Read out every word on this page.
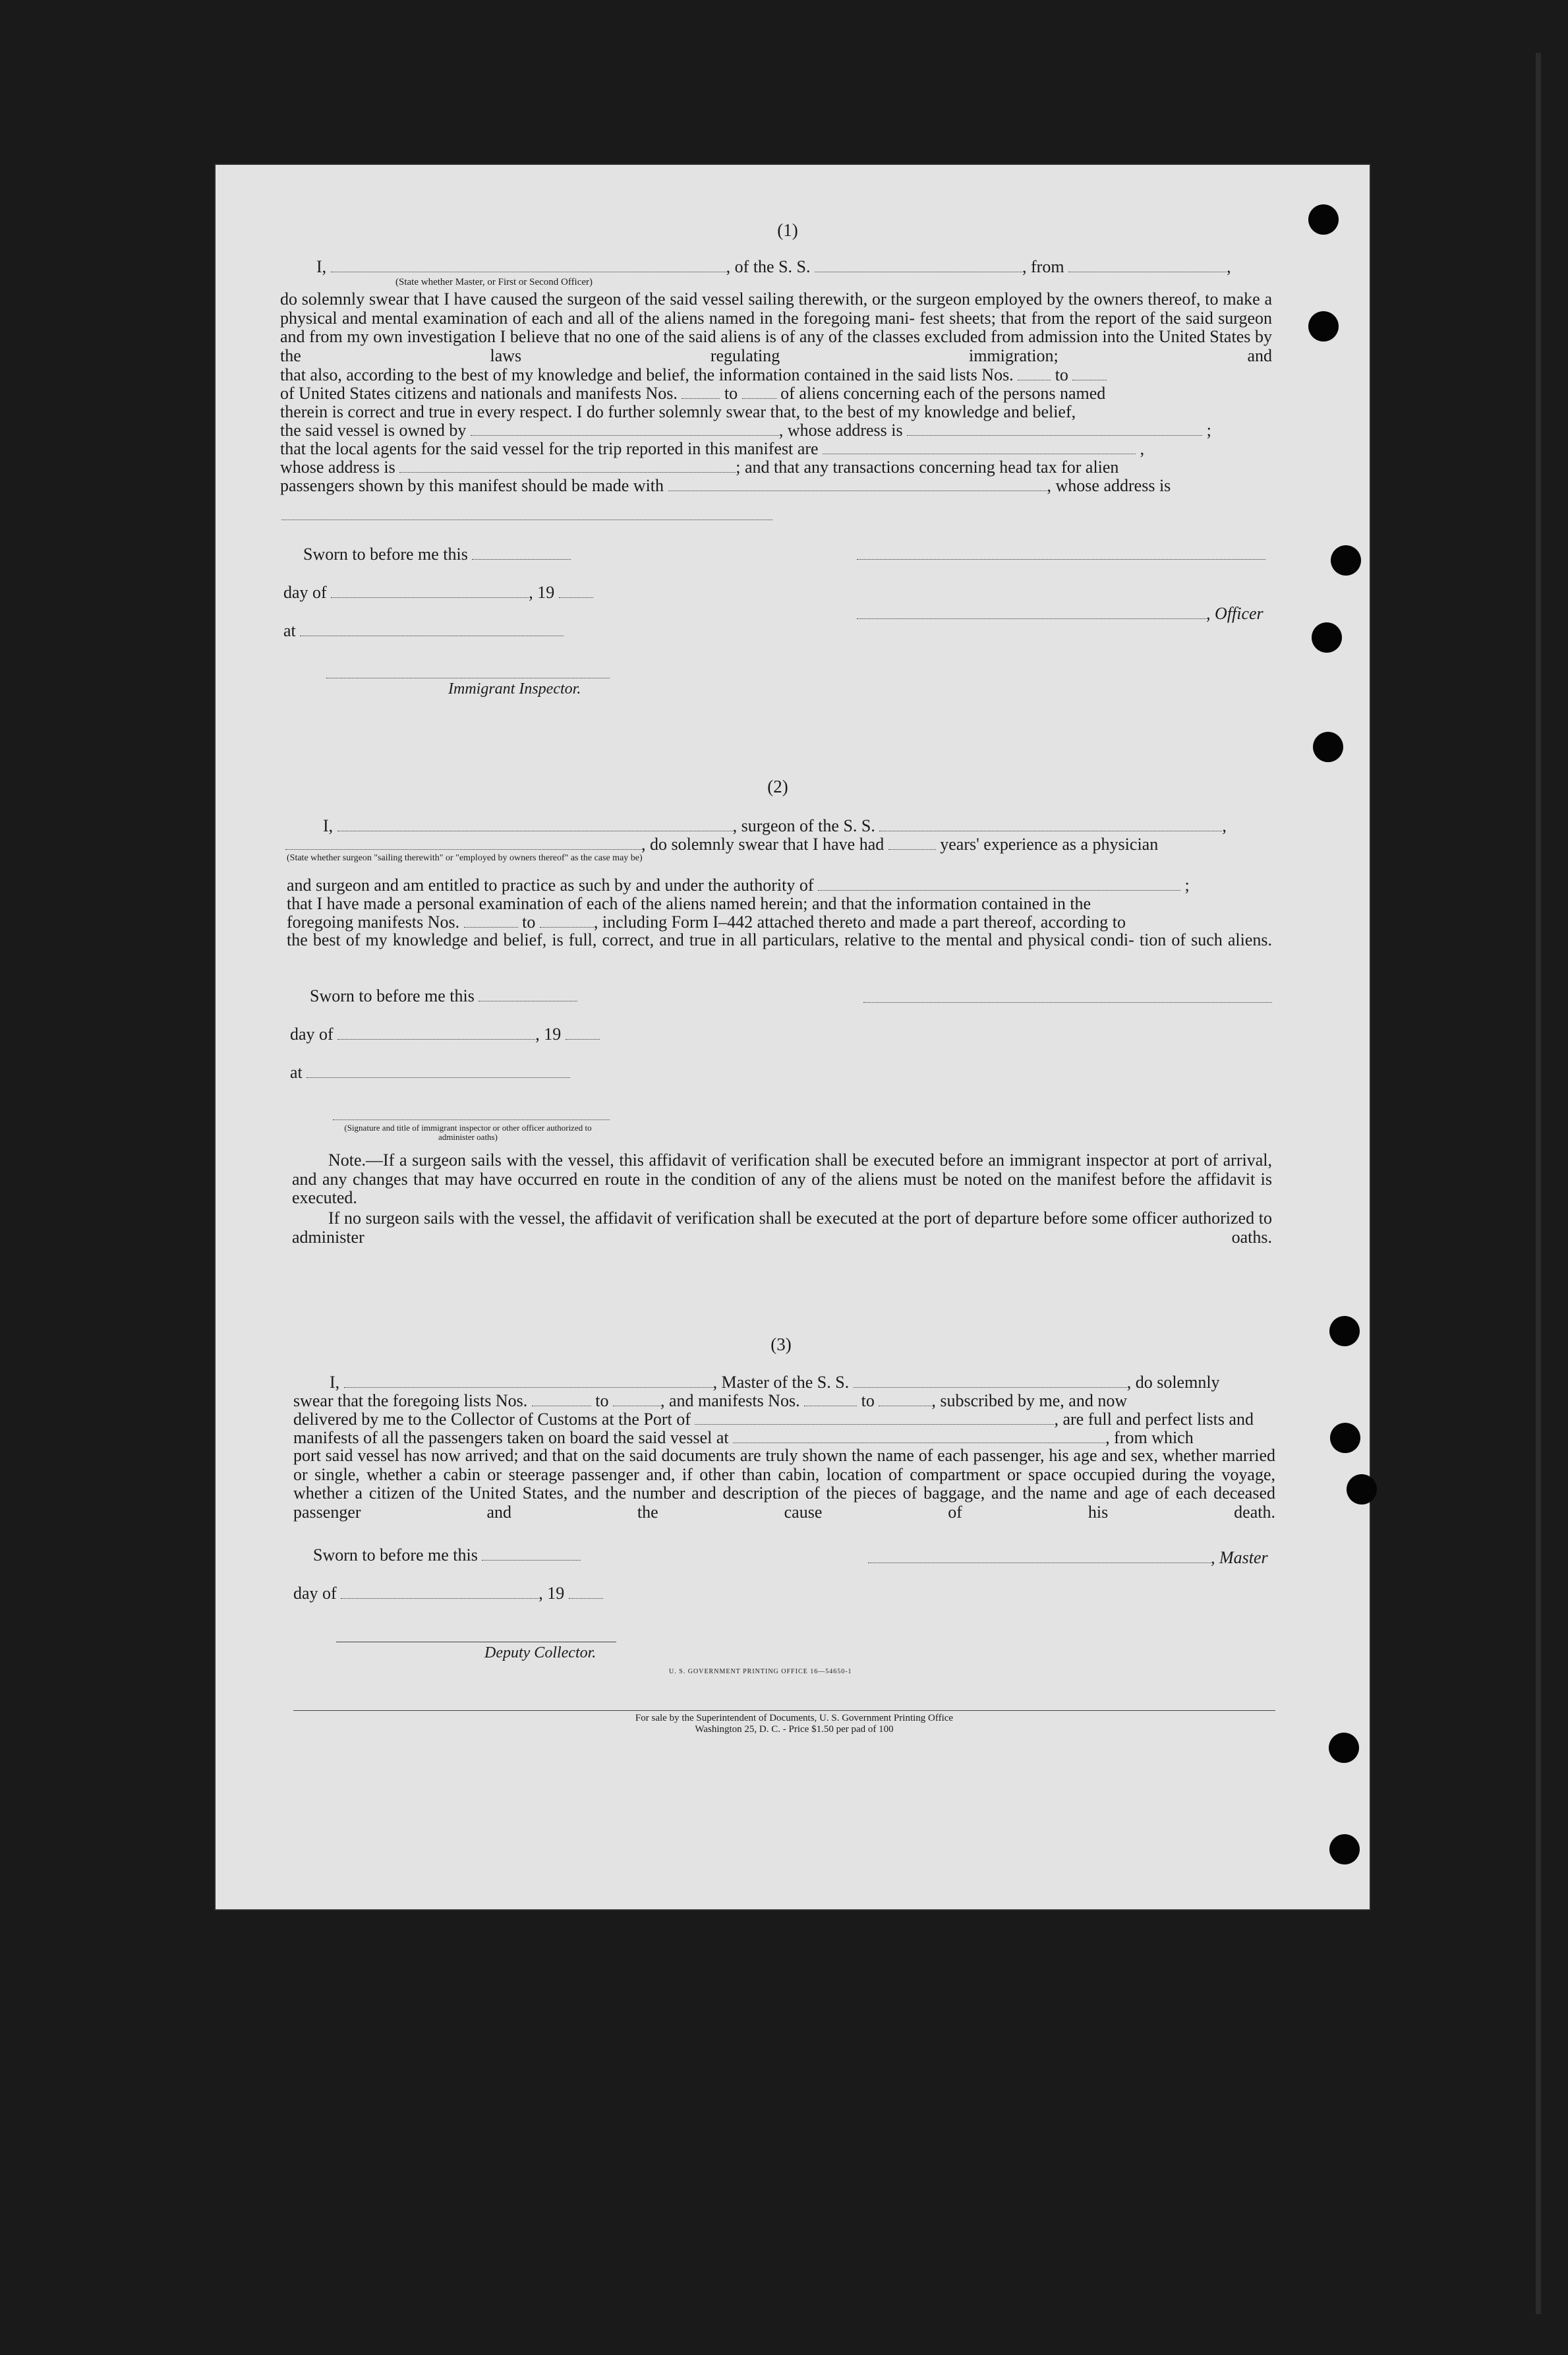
(1)
I,	, of the S. S.	, from	,
(State whether Master, or First or Second Officer)
do solemnly swear that I have caused the surgeon of the said vessel sailing therewith, or the surgeon employed by the owners thereof, to make a physical and mental examination of each and all of the aliens named in the foregoing mani- fest sheets; that from the report of the said surgeon and from my own investigation I believe that no one of the said aliens is of any of the classes excluded from admission into the United States by the laws regulating immigration; and
that also, according to the best of my knowledge and belief, the information contained in the said lists Nos. to
of United States citizens and nationals and manifests Nos.	to	of aliens concerning each of the persons named
therein is correct and true in every respect. I do further solemnly swear that, to the best of my knowledge and belief,
the said vessel is owned by	, whose address is	;
that the local agents for the said vessel for the trip reported in this manifest are	,
whose address is	; and that any transactions concerning head tax for alien
passengers shown by this manifest should be made with	, whose address is
Sworn to before me this
day of	, 19
, Officer
at
Immigrant Inspector.
(2)
I,	, surgeon of the S. S.	,
, do solemnly swear that I have had	years' experience as a physician
(State whether surgeon "sailing therewith" or "employed by owners thereof" as the case may be)
and surgeon and am entitled to practice as such by and under the authority of	;
that I have made a personal examination of each of the aliens named herein; and that the information contained in the
foregoing manifests Nos.	to	, including Form I–442 attached thereto and made a part thereof, according to
the best of my knowledge and belief, is full, correct, and true in all particulars, relative to the mental and physical condi- tion of such aliens.
Sworn to before me this
day of	, 19
at
(Signature and title of immigrant inspector or other officer authorized to administer oaths)
Note.—If a surgeon sails with the vessel, this affidavit of verification shall be executed before an immigrant inspector at port of arrival, and any changes that may have occurred en route in the condition of any of the aliens must be noted on the manifest before the affidavit is executed.
If no surgeon sails with the vessel, the affidavit of verification shall be executed at the port of departure before some officer authorized to administer oaths.
(3)
I,	, Master of the S. S.	, do solemnly
swear that the foregoing lists Nos.	to	, and manifests Nos.	to	, subscribed by me, and now
delivered by me to the Collector of Customs at the Port of	, are full and perfect lists and
manifests of all the passengers taken on board the said vessel at	, from which
port said vessel has now arrived; and that on the said documents are truly shown the name of each passenger, his age and sex, whether married or single, whether a cabin or steerage passenger and, if other than cabin, location of compartment or space occupied during the voyage, whether a citizen of the United States, and the number and description of the pieces of baggage, and the name and age of each deceased passenger and the cause of his death.
Sworn to before me this	, Master
day of	, 19
Deputy Collector.
U. S. GOVERNMENT PRINTING OFFICE 16—54650-1
For sale by the Superintendent of Documents, U. S. Government Printing Office
Washington 25, D. C. - Price $1.50 per pad of 100
